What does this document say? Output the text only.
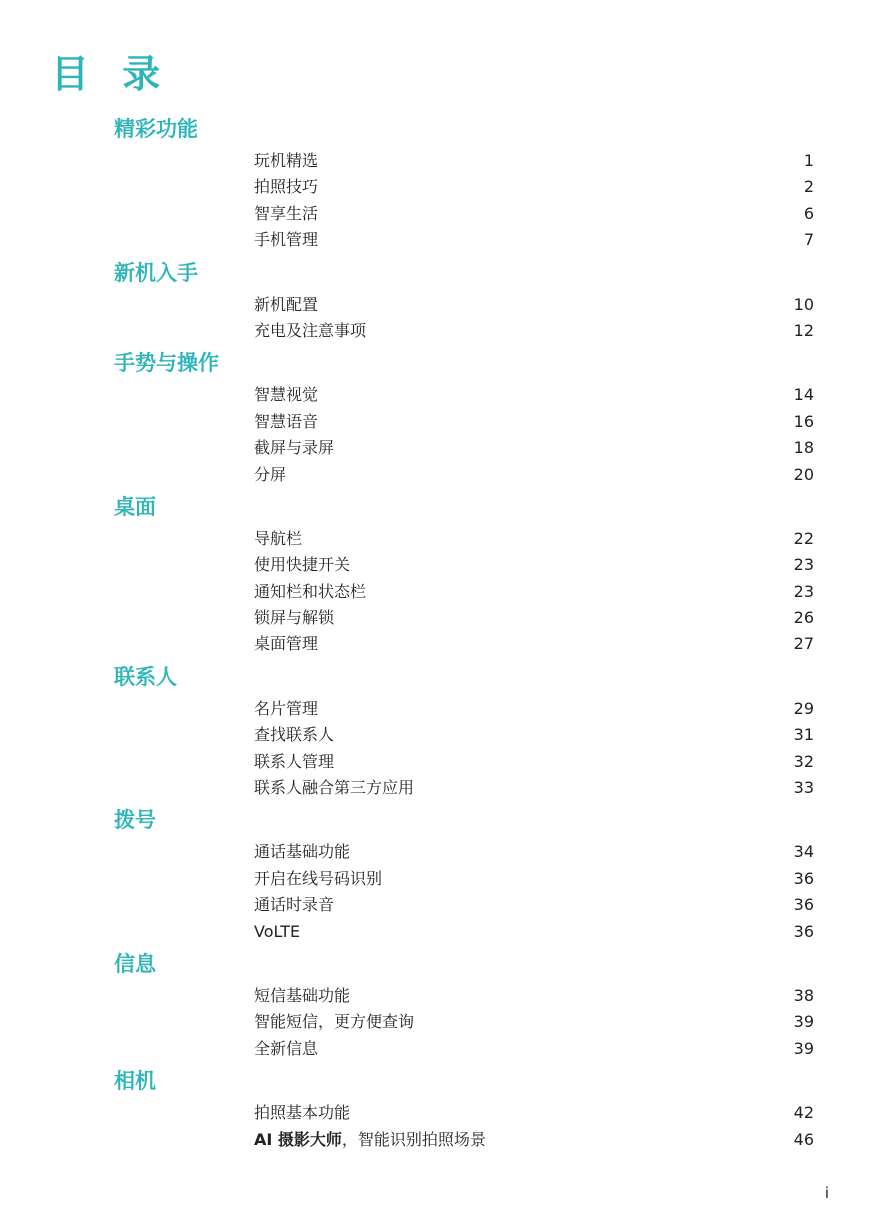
目 录
精彩功能
玩机精选	1
拍照技巧	2
智享生活	6
手机管理	7
新机入手
新机配置	10
充电及注意事项	12
手势与操作
智慧视觉	14
智慧语音	16
截屏与录屏	18
分屏	20
桌面
导航栏	22
使用快捷开关	23
通知栏和状态栏	23
锁屏与解锁	26
桌面管理	27
联系人
名片管理	29
查找联系人	31
联系人管理	32
联系人融合第三方应用	33
拨号
通话基础功能	34
开启在线号码识别	36
通话时录音	36
VoLTE	36
信息
短信基础功能	38
智能短信，更方便查询	39
全新信息	39
相机
拍照基本功能	42
AI 摄影大师，智能识别拍照场景	46
i
